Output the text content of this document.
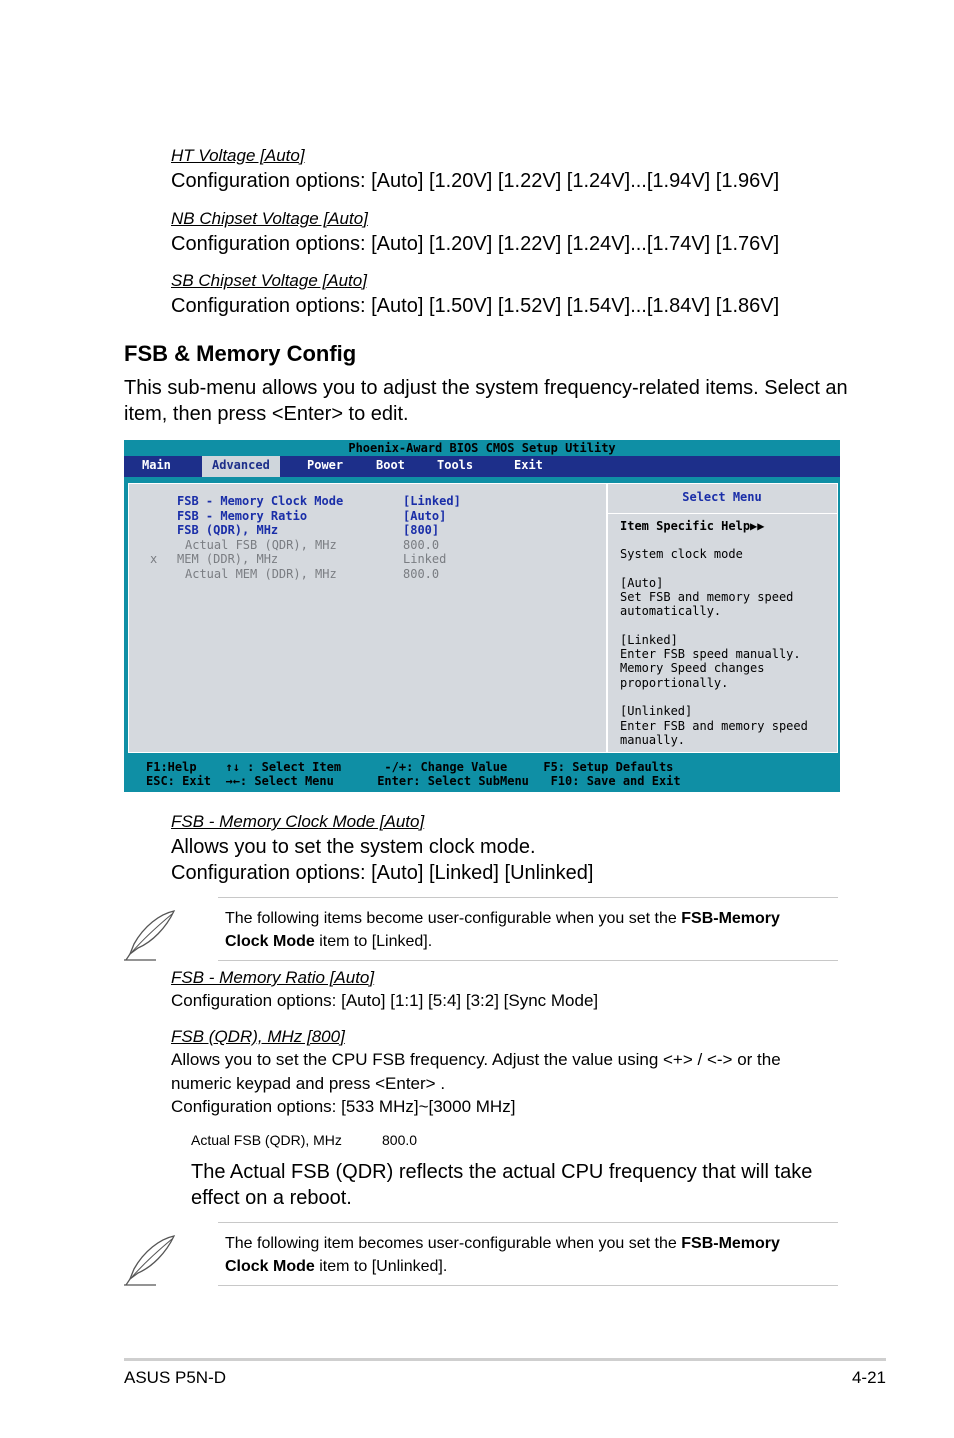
HT Voltage [Auto]
Configuration options: [Auto] [1.20V] [1.22V] [1.24V]...[1.94V] [1.96V]
NB Chipset Voltage [Auto]
Configuration options: [Auto] [1.20V] [1.22V] [1.24V]...[1.74V] [1.76V]
SB Chipset Voltage [Auto]
Configuration options: [Auto] [1.50V] [1.52V] [1.54V]...[1.84V] [1.86V]
FSB & Memory Config
This sub-menu allows you to adjust the system frequency-related items. Select an
item, then press <Enter> to edit.
Phoenix-Award BIOS CMOS Setup Utility
Main	Advanced	Power	Boot	Tools	Exit
FSB - Memory Clock Mode	[Linked]
FSB - Memory Ratio	[Auto]
FSB (QDR), MHz	[800]
Actual FSB (QDR), MHz	800.0
x MEM (DDR), MHz	Linked
Actual MEM (DDR), MHz	800.0
Select Menu
Item Specific Help▶▶
System clock mode
[Auto]
Set FSB and memory speed
automatically.
[Linked]
Enter FSB speed manually.
Memory Speed changes
proportionally.
[Unlinked]
Enter FSB and memory speed
manually.
F1:Help    ↑↓ : Select Item      -/+: Change Value     F5: Setup Defaults
ESC: Exit  →←: Select Menu      Enter: Select SubMenu   F10: Save and Exit
FSB - Memory Clock Mode [Auto]
Allows you to set the system clock mode.
Configuration options: [Auto] [Linked] [Unlinked]
The following items become user-configurable when you set the FSB-Memory
Clock Mode item to [Linked].
FSB - Memory Ratio [Auto]
Configuration options: [Auto] [1:1] [5:4] [3:2] [Sync Mode]
FSB (QDR), MHz [800]
Allows you to set the CPU FSB frequency. Adjust the value using <+> / <-> or the
numeric keypad and press <Enter> .
Configuration options: [533 MHz]~[3000 MHz]
Actual FSB (QDR), MHz	800.0
The Actual FSB (QDR) reflects the actual CPU frequency that will take
effect on a reboot.
The following item becomes user-configurable when you set the FSB-Memory
Clock Mode item to [Unlinked].
ASUS P5N-D	4-21
